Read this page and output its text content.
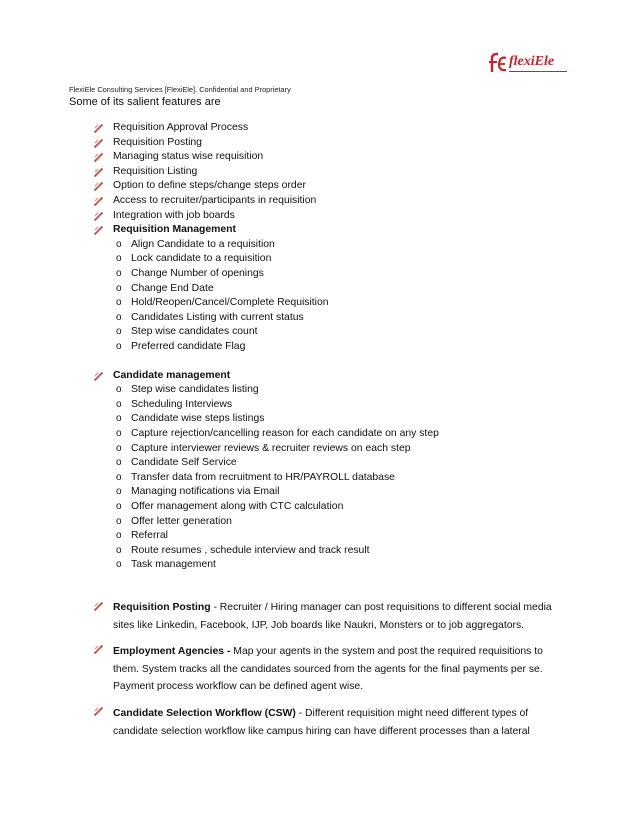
flexiEle
FlexiEle Consulting Services [FlexiEle]. Confidential and Proprietary
Some of its salient features are
Requisition Approval Process
Requisition Posting
Managing status wise requisition
Requisition Listing
Option to define steps/change steps order
Access to recruiter/participants in requisition
Integration with job boards
Requisition Management
o Align Candidate to a requisition
o Lock candidate to a requisition
o Change Number of openings
o Change End Date
o Hold/Reopen/Cancel/Complete Requisition
o Candidates Listing with current status
o Step wise candidates count
o Preferred candidate Flag
Candidate management
o Step wise candidates listing
o Scheduling Interviews
o Candidate wise steps listings
o Capture rejection/cancelling reason for each candidate on any step
o Capture interviewer reviews & recruiter reviews on each step
o Candidate Self Service
o Transfer data from recruitment to HR/PAYROLL database
o Managing notifications via Email
o Offer management along with CTC calculation
o Offer letter generation
o Referral
o Route resumes , schedule interview and track result
o Task management
Requisition Posting - Recruiter / Hiring manager can post requisitions to different social media
sites like Linkedin, Facebook, IJP, Job boards like Naukri, Monsters or to job aggregators.
Employment Agencies - Map your agents in the system and post the required requisitions to
them. System tracks all the candidates sourced from the agents for the final payments per se.
Payment process workflow can be defined agent wise.
Candidate Selection Workflow (CSW) - Different requisition might need different types of
candidate selection workflow like campus hiring can have different processes than a lateral
